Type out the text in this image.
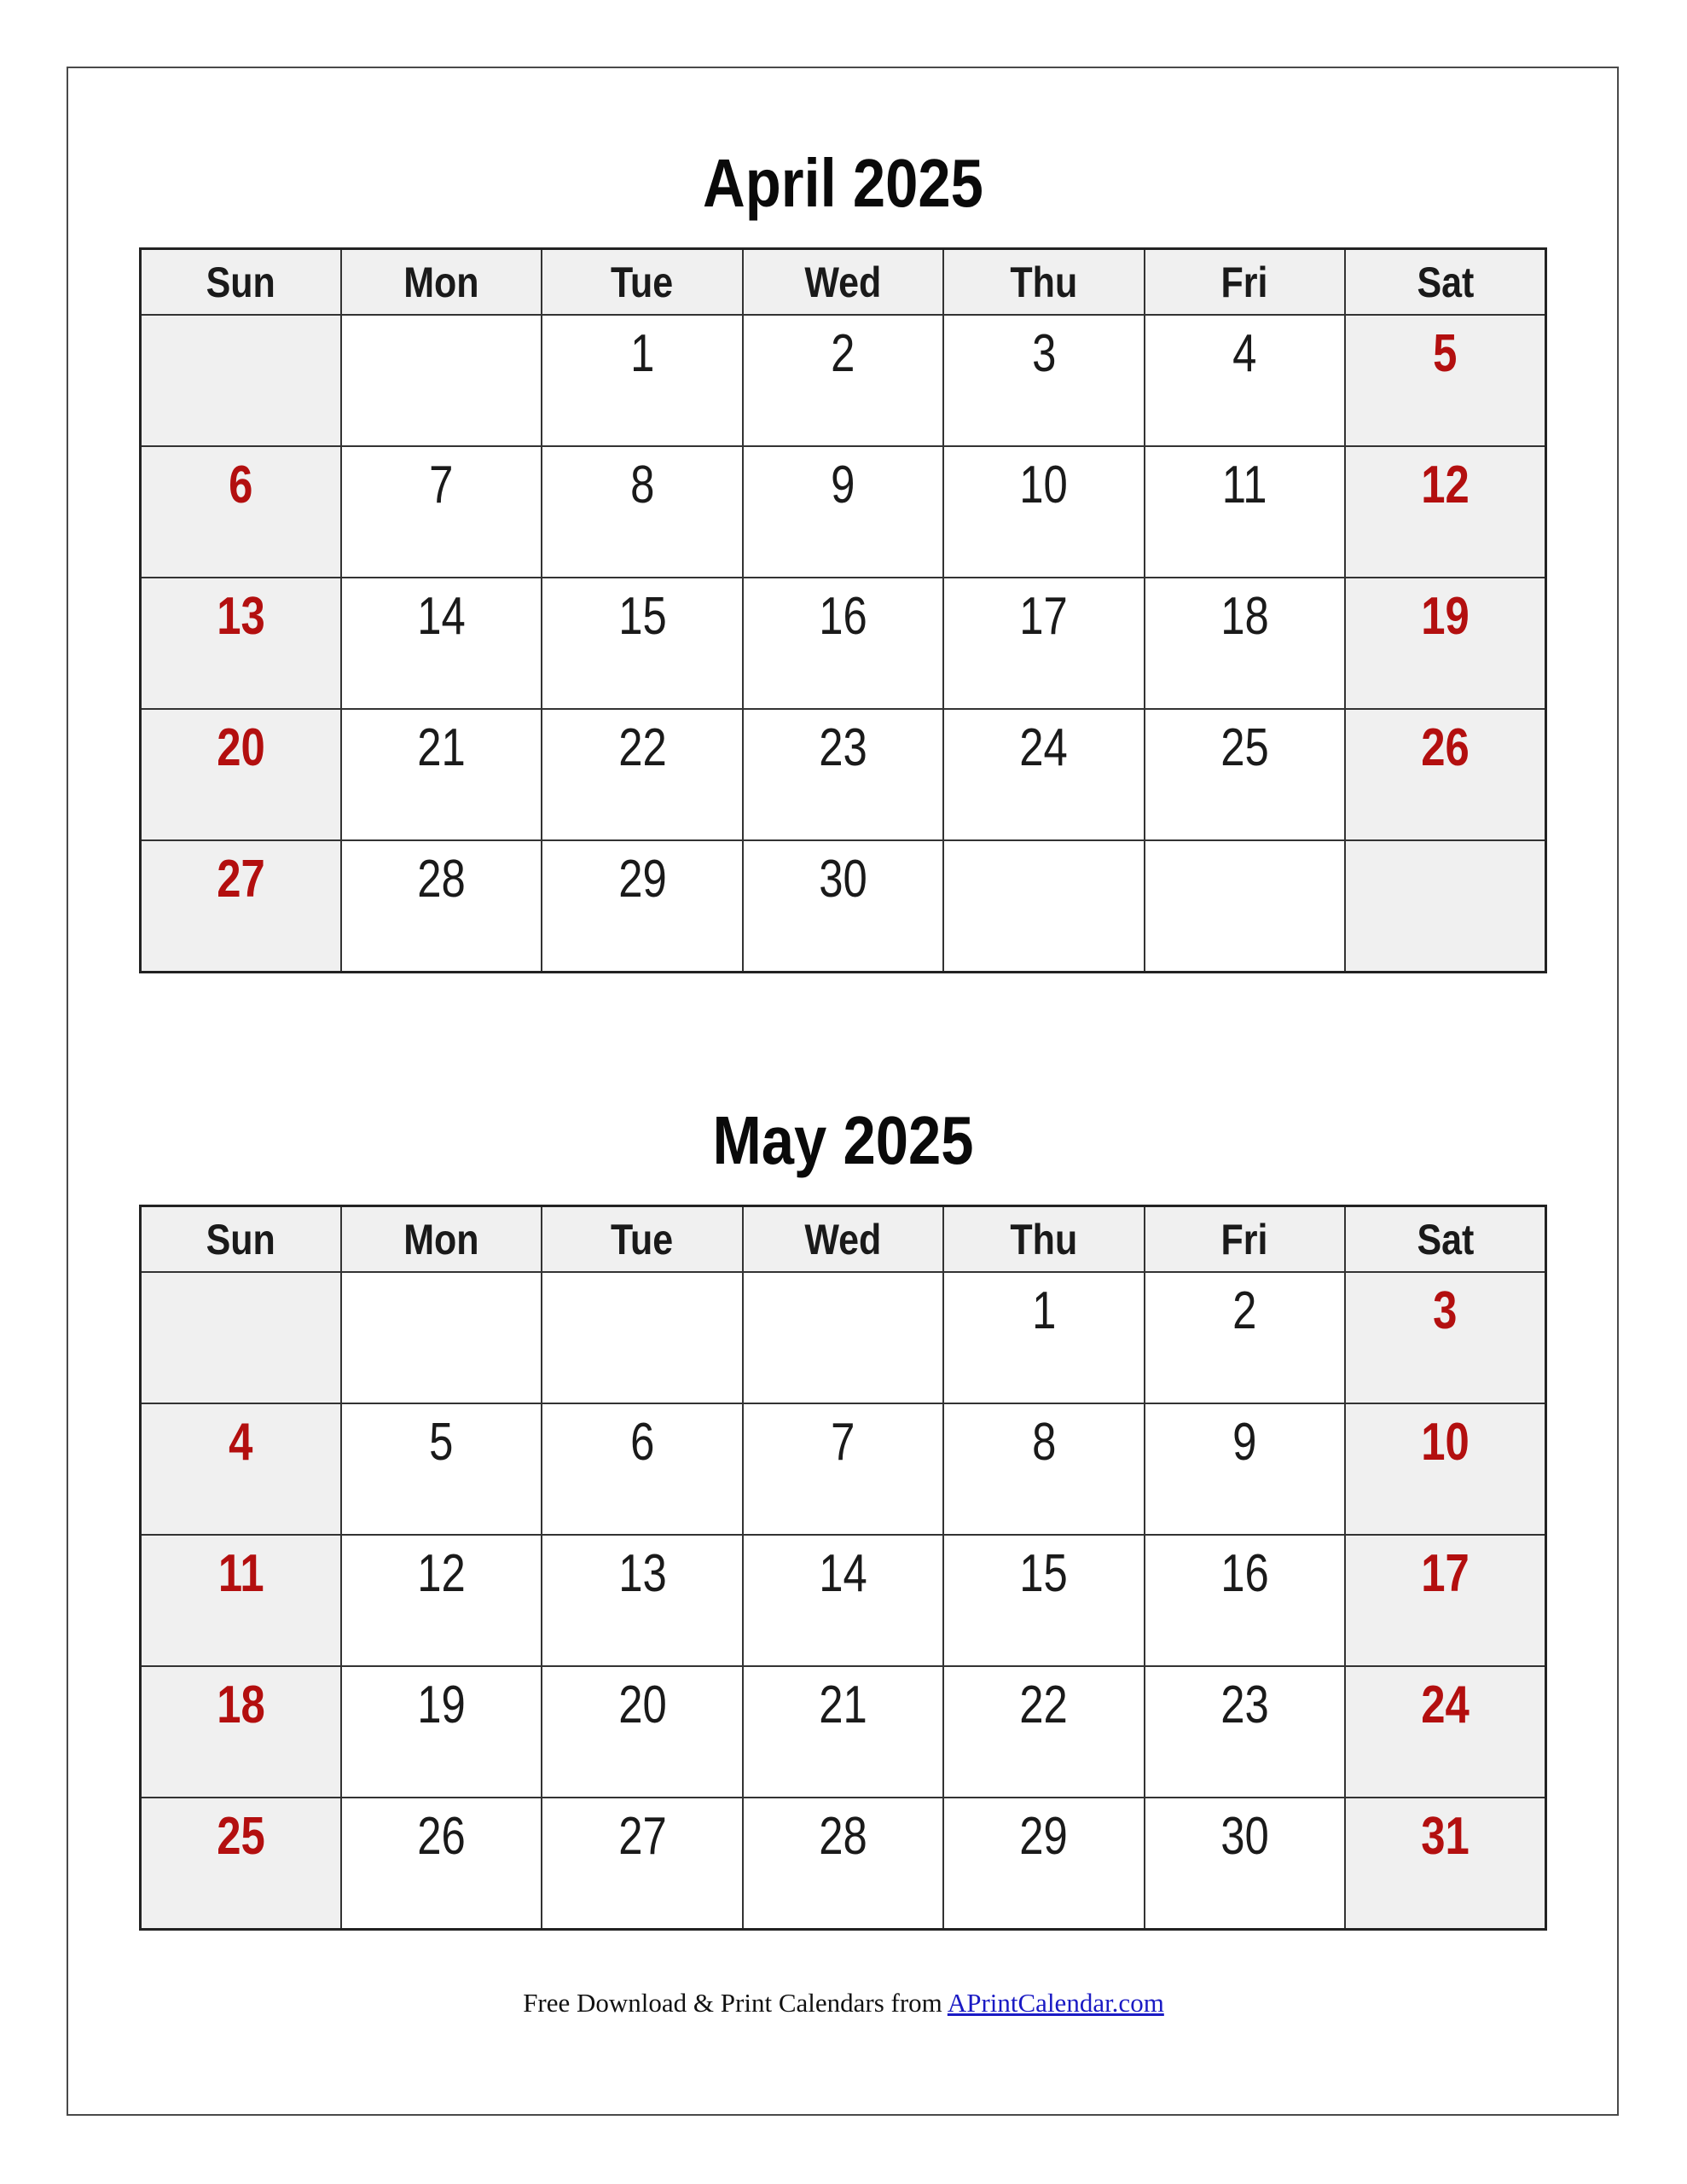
April 2025
Sun	Mon	Tue	Wed	Thu	Fri	Sat
		1	2	3	4	5
6	7	8	9	10	11	12
13	14	15	16	17	18	19
20	21	22	23	24	25	26
27	28	29	30			
May 2025
Sun	Mon	Tue	Wed	Thu	Fri	Sat
				1	2	3
4	5	6	7	8	9	10
11	12	13	14	15	16	17
18	19	20	21	22	23	24
25	26	27	28	29	30	31
Free Download & Print Calendars from APrintCalendar.com
